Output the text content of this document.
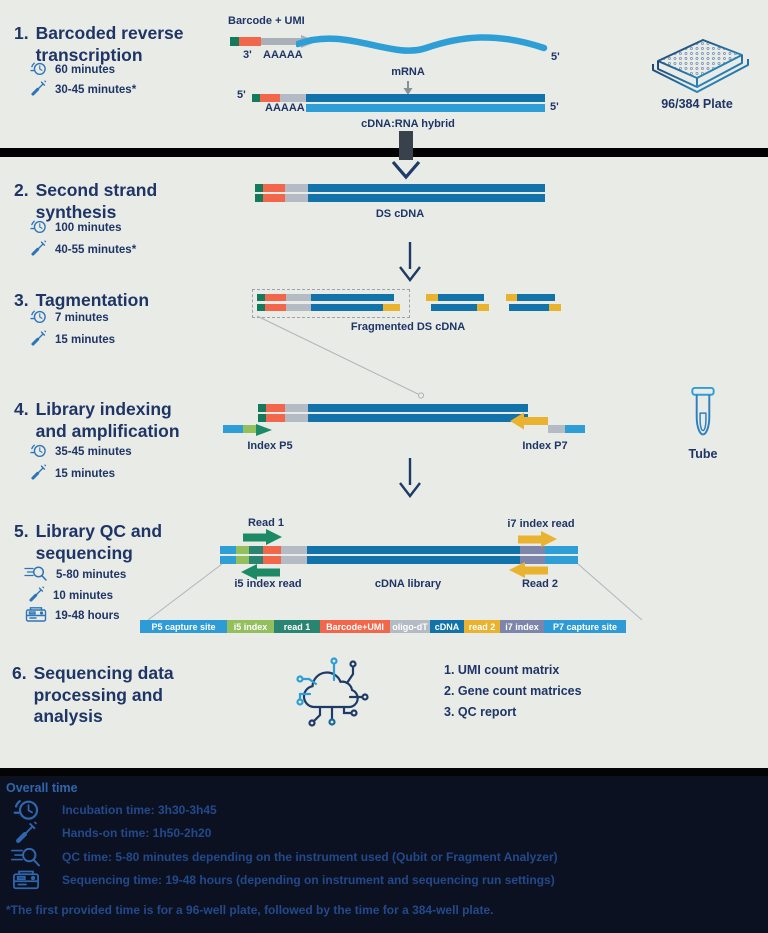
1. Barcoded reverse transcription
60 minutes
30-45 minutes*
Barcode + UMI
3' AAAAA	5'
mRNA
5'
AAAAA	5'
cDNA:RNA hybrid
96/384 Plate
2. Second strand synthesis
100 minutes
40-55 minutes*
DS cDNA
3. Tagmentation
7 minutes
15 minutes
Fragmented DS cDNA
4. Library indexing and amplification
35-45 minutes
15 minutes
Index P5	Index P7
Tube
5. Library QC and sequencing
5-80 minutes
10 minutes
19-48 hours
Read 1
i5 index read	cDNA library
i7 index read
Read 2
P5 capture site i5 index read 1 Barcode+UMI oligo-dT cDNA read 2 i7 index P7 capture site
6. Sequencing data processing and analysis
1. UMI count matrix
2. Gene count matrices
3. QC report
Overall time
Incubation time: 3h30-3h45
Hands-on time: 1h50-2h20
QC time: 5-80 minutes depending on the instrument used (Qubit or Fragment Analyzer)
Sequencing time: 19-48 hours (depending on instrument and sequencing run settings)
*The first provided time is for a 96-well plate, followed by the time for a 384-well plate.
